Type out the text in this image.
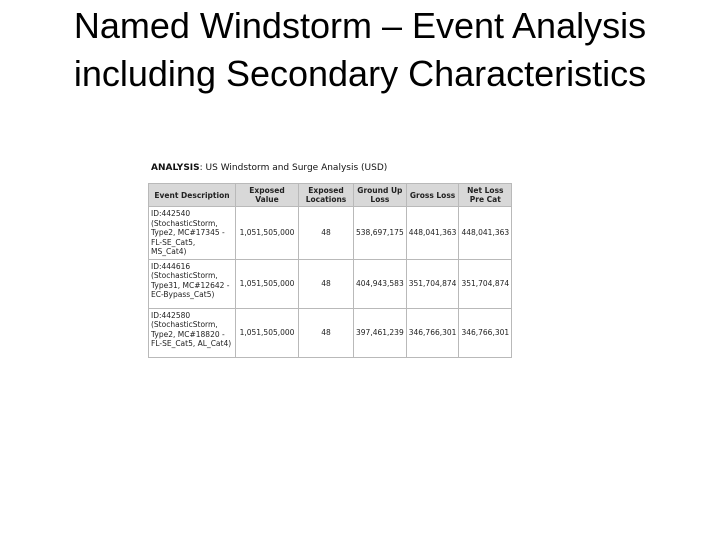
Named Windstorm – Event Analysis including Secondary Characteristics
ANALYSIS: US Windstorm and Surge Analysis (USD)
Event Description	Exposed Value	Exposed Locations	Ground Up Loss	Gross Loss	Net Loss Pre Cat
ID:442540 (StochasticStorm, Type2, MC#17345 - FL-SE_Cat5, MS_Cat4)	1,051,505,000	48	538,697,175	448,041,363	448,041,363
ID:444616 (StochasticStorm, Type31, MC#12642 - EC-Bypass_Cat5)	1,051,505,000	48	404,943,583	351,704,874	351,704,874
ID:442580 (StochasticStorm, Type2, MC#18820 - FL-SE_Cat5, AL_Cat4)	1,051,505,000	48	397,461,239	346,766,301	346,766,301
